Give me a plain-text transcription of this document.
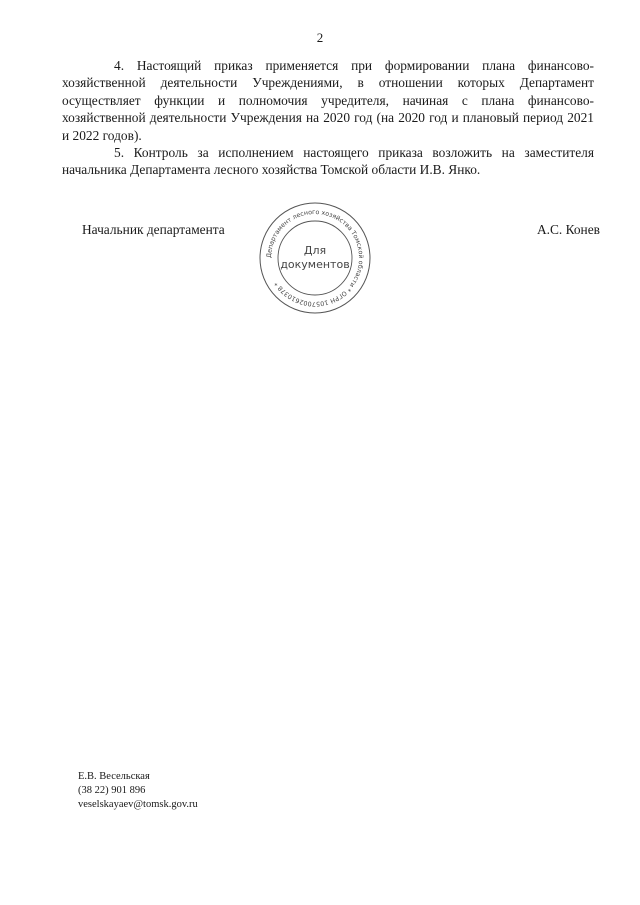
2

4. Настоящий приказ применяется при формировании плана финансово-хозяйственной деятельности Учреждениями, в отношении которых Департамент осуществляет функции и полномочия учредителя, начиная с плана финансово-хозяйственной деятельности Учреждения на 2020 год (на 2020 год и плановый период 2021 и 2022 годов).

5. Контроль за исполнением настоящего приказа возложить на заместителя начальника Департамента лесного хозяйства Томской области И.В. Янко.

Начальник департамента
Департамент лесного хозяйства Томской области * ОГРН 1057002610378 *
Для
документов
А.С. Конев
Е.В. Весельская
(38 22) 901 896
veselskayaev@tomsk.gov.ru
